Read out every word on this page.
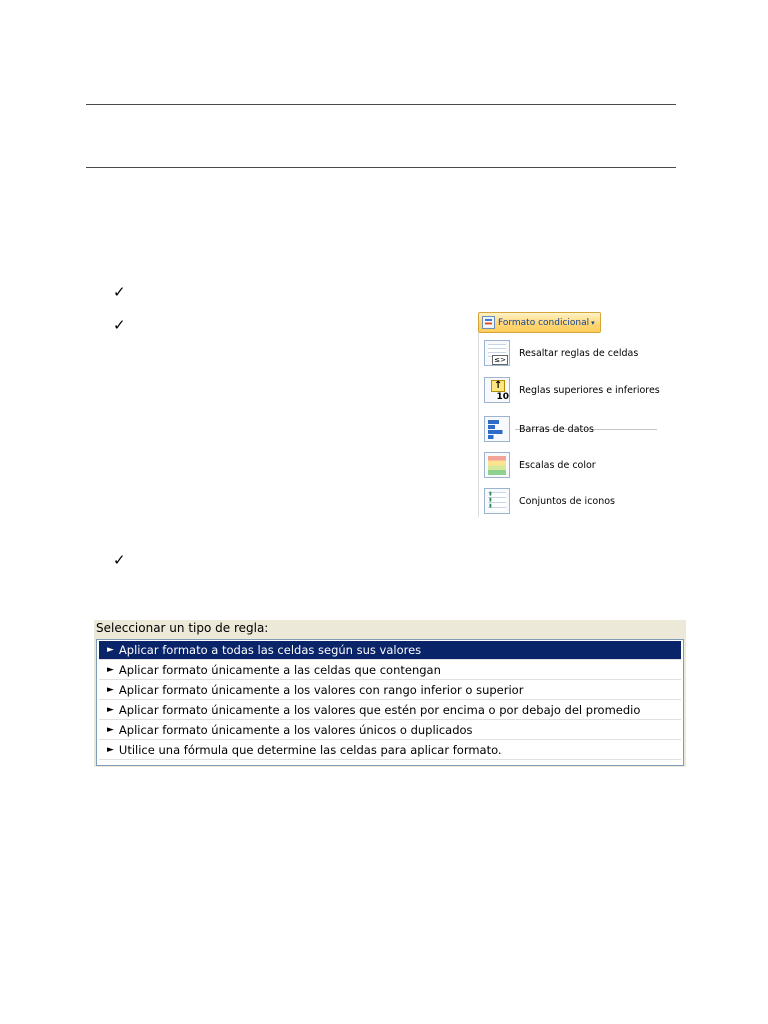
✓
✓
✓
Formato condicional ▾
≤>
Resaltar reglas de celdas
↑ 10
Reglas superiores e inferiores
Barras de datos
Escalas de color
▮ ▮ ▮
Conjuntos de iconos
Seleccionar un tipo de regla:
► Aplicar formato a todas las celdas según sus valores
► Aplicar formato únicamente a las celdas que contengan
► Aplicar formato únicamente a los valores con rango inferior o superior
► Aplicar formato únicamente a los valores que estén por encima o por debajo del promedio
► Aplicar formato únicamente a los valores únicos o duplicados
► Utilice una fórmula que determine las celdas para aplicar formato.
